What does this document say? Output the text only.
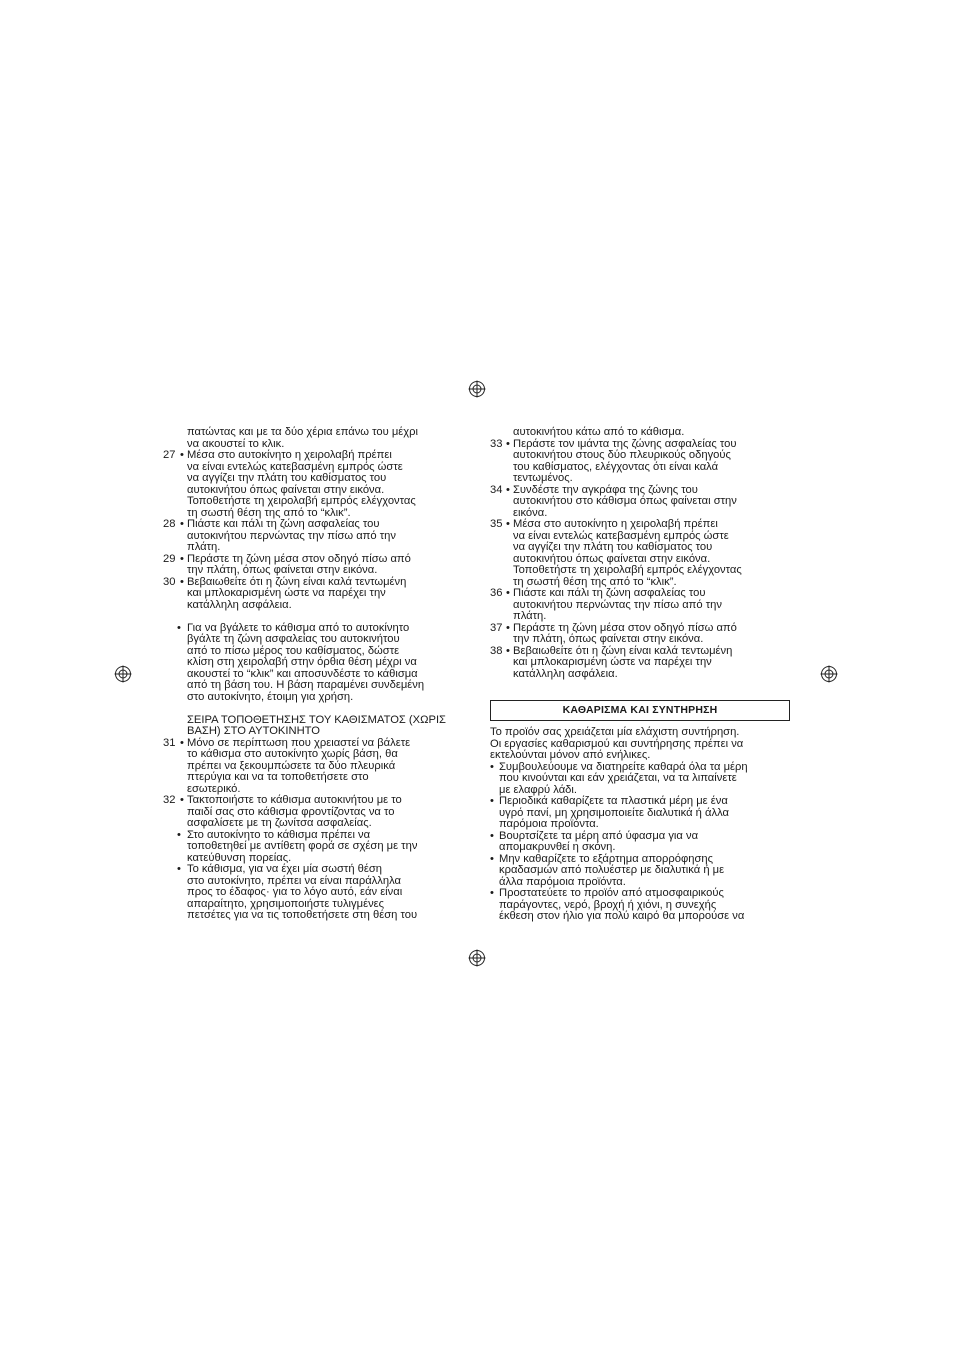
πατώντας και με τα δύο χέρια επάνω του μέχρι
να ακουστεί το κλικ.
27 • Μέσα στο αυτοκίνητο η χειρολαβή πρέπει
να είναι εντελώς κατεβασμένη εμπρός ώστε
να αγγίζει την πλάτη του καθίσματος του
αυτοκινήτου όπως φαίνεται στην εικόνα.
Τοποθετήστε τη χειρολαβή εμπρός ελέγχοντας
τη σωστή θέση της από το “κλικ”.
28 • Πιάστε και πάλι τη ζώνη ασφαλείας του
αυτοκινήτου περνώντας την πίσω από την
πλάτη.
29 • Περάστε τη ζώνη μέσα στον οδηγό πίσω από
την πλάτη, όπως φαίνεται στην εικόνα.
30 • Βεβαιωθείτε ότι η ζώνη είναι καλά τεντωμένη
και μπλοκαρισμένη ώστε να παρέχει την
κατάλληλη ασφάλεια.
• Για να βγάλετε το κάθισμα από το αυτοκίνητο
βγάλτε τη ζώνη ασφαλείας του αυτοκινήτου
από το πίσω μέρος του καθίσματος, δώστε
κλίση στη χειρολαβή στην όρθια θέση μέχρι να
ακουστεί το “κλικ” και αποσυνδέστε το κάθισμα
από τη βάση του. Η βάση παραμένει συνδεμένη
στο αυτοκίνητο, έτοιμη για χρήση.
ΣΕΙΡΑ ΤΟΠΟΘΕΤΗΣΗΣ ΤΟΥ ΚΑΘΙΣΜΑΤΟΣ (ΧΩΡΙΣ
ΒΑΣΗ) ΣΤΟ ΑΥΤΟΚΙΝΗΤΟ
31 • Μόνο σε περίπτωση που χρειαστεί να βάλετε
το κάθισμα στο αυτοκίνητο χωρίς βάση, θα
πρέπει να ξεκουμπώσετε τα δύο πλευρικά
πτερύγια και να τα τοποθετήσετε στο
εσωτερικό.
32 • Τακτοποιήστε το κάθισμα αυτοκινήτου με το
παιδί σας στο κάθισμα φροντίζοντας να το
ασφαλίσετε με τη ζωνίτσα ασφαλείας.
• Στο αυτοκίνητο το κάθισμα πρέπει να
τοποθετηθεί με αντίθετη φορά σε σχέση με την
κατεύθυνση πορείας.
• Το κάθισμα, για να έχει μία σωστή θέση
στο αυτοκίνητο, πρέπει να είναι παράλληλα
προς το έδαφος· για το λόγο αυτό, εάν είναι
απαραίτητο, χρησιμοποιήστε τυλιγμένες
πετσέτες για να τις τοποθετήσετε στη θέση του
αυτοκινήτου κάτω από το κάθισμα.
33 • Περάστε τον ιμάντα της ζώνης ασφαλείας του
αυτοκινήτου στους δύο πλευρικούς οδηγούς
του καθίσματος, ελέγχοντας ότι είναι καλά
τεντωμένος.
34 • Συνδέστε την αγκράφα της ζώνης του
αυτοκινήτου στο κάθισμα όπως φαίνεται στην
εικόνα.
35 • Μέσα στο αυτοκίνητο η χειρολαβή πρέπει
να είναι εντελώς κατεβασμένη εμπρός ώστε
να αγγίζει την πλάτη του καθίσματος του
αυτοκινήτου όπως φαίνεται στην εικόνα.
Τοποθετήστε τη χειρολαβή εμπρός ελέγχοντας
τη σωστή θέση της από το “κλικ”.
36 • Πιάστε και πάλι τη ζώνη ασφαλείας του
αυτοκινήτου περνώντας την πίσω από την
πλάτη.
37 • Περάστε τη ζώνη μέσα στον οδηγό πίσω από
την πλάτη, όπως φαίνεται στην εικόνα.
38 • Βεβαιωθείτε ότι η ζώνη είναι καλά τεντωμένη
και μπλοκαρισμένη ώστε να παρέχει την
κατάλληλη ασφάλεια.
ΚΑΘΑΡΙΣΜΑ ΚΑΙ ΣΥΝΤΗΡΗΣΗ
Το προϊόν σας χρειάζεται μία ελάχιστη συντήρηση.
Οι εργασίες καθαρισμού και συντήρησης πρέπει να
εκτελούνται μόνον από ενήλικες.
• Συμβουλεύουμε να διατηρείτε καθαρά όλα τα μέρη
που κινούνται και εάν χρειάζεται, να τα λιπαίνετε
με ελαφρύ λάδι.
• Περιοδικά καθαρίζετε τα πλαστικά μέρη με ένα
υγρό πανί, μη χρησιμοποιείτε διαλυτικά ή άλλα
παρόμοια προϊόντα.
• Βουρτσίζετε τα μέρη από ύφασμα για να
απομακρυνθεί η σκόνη.
• Μην καθαρίζετε το εξάρτημα απορρόφησης
κραδασμών από πολυέστερ με διαλυτικά ή με
άλλα παρόμοια προϊόντα.
• Προστατεύετε το προϊόν από ατμοσφαιρικούς
παράγοντες, νερό, βροχή ή χιόνι, η συνεχής
έκθεση στον ήλιο για πολύ καιρό θα μπορούσε να
